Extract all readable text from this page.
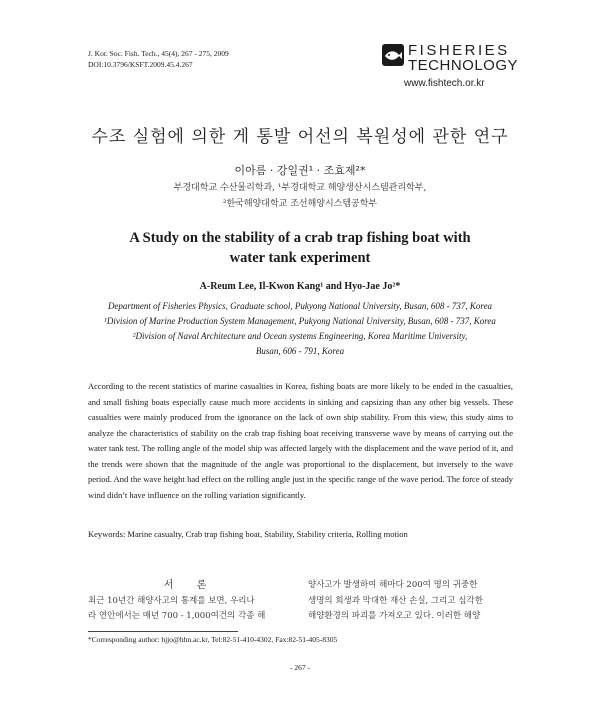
J. Kor. Soc. Fish. Tech., 45(4), 267 - 275, 2009
DOI:10.3796/KSFT.2009.45.4.267
FISHERIES
TECHNOLOGY
www.fishtech.or.kr
수조 실험에 의한 게 통발 어선의 복원성에 관한 연구
이아름 · 강일권¹ · 조효제²*
부경대학교 수산물리학과, ¹부경대학교 해양생산시스템관리학부,
²한국해양대학교 조선해양시스템공학부
A Study on the stability of a crab trap fishing boat with
water tank experiment
A-Reum Lee, Il-Kwon Kang¹ and Hyo-Jae Jo²*
Department of Fisheries Physics, Graduate school, Pukyong National University, Busan, 608 - 737, Korea
¹Division of Marine Production System Management, Pukyong National University, Busan, 608 - 737, Korea
²Division of Naval Architecture and Ocean systems Engineering, Korea Maritime University,
Busan, 606 - 791, Korea
According to the recent statistics of marine casualties in Korea, fishing boats are more likely to be ended in the casualties, and small fishing boats especially cause much more accidents in sinking and capsizing than any other big vessels. These casualties were mainly produced from the ignorance on the lack of own ship stability. From this view, this study aims to analyze the characteristics of stability on the crab trap fishing boat receiving transverse wave by means of carrying out the water tank test. The rolling angle of the model ship was affected largely with the displacement and the wave period of it, and the trends were shown that the magnitude of the angle was proportional to the displacement, but inversely to the wave period. And the wave height had effect on the rolling angle just in the specific range of the wave period. The force of steady wind didn’t have influence on the rolling variation significantly.
Keywords: Marine casualty, Crab trap fishing boat, Stability, Stability criteria, Rolling motion
서 론
최근 10년간 해양사고의 통계를 보면, 우리나
라 연안에서는 매년 700 - 1,000여건의 각종 해
양사고가 발생하여 해마다 200여 명의 귀중한
생명의 희생과 막대한 재산 손실, 그리고 심각한
해양환경의 파괴를 가져오고 있다. 이러한 해양
*Corresponding author: hjjo@hhn.ac.kr, Tel:82-51-410-4302, Fax:82-51-405-8305
- 267 -
